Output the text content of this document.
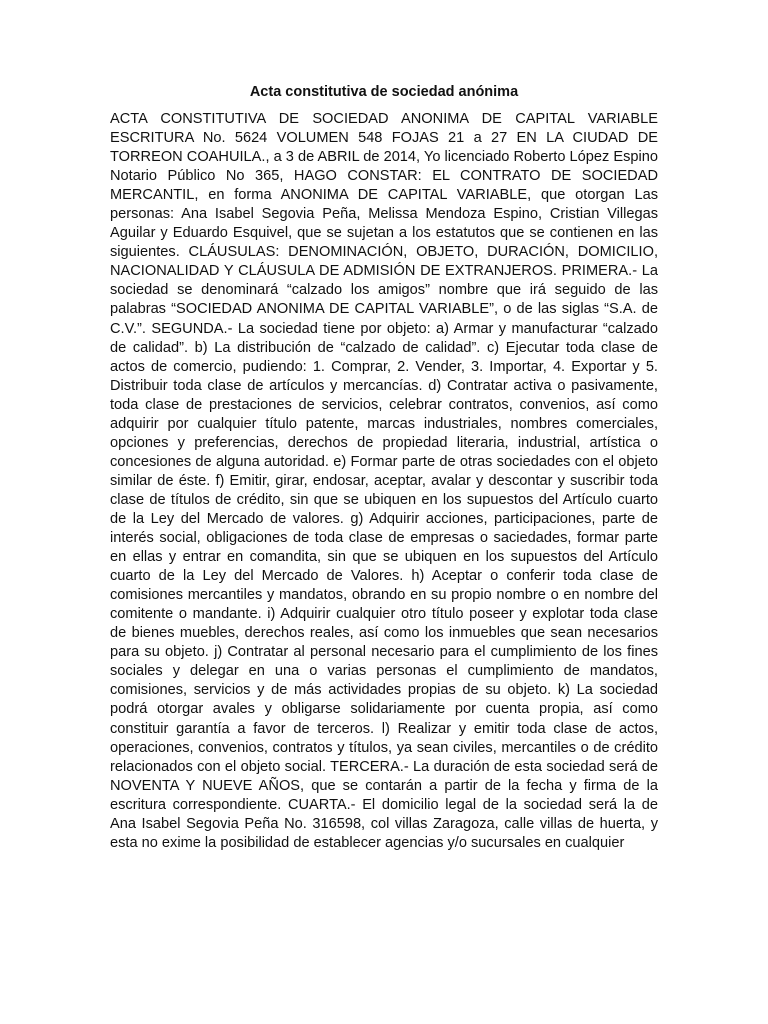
Acta constitutiva de sociedad anónima

ACTA CONSTITUTIVA DE SOCIEDAD ANONIMA DE CAPITAL VARIABLE ESCRITURA No. 5624 VOLUMEN 548 FOJAS 21 a 27 EN LA CIUDAD DE TORREON COAHUILA., a 3 de ABRIL de 2014, Yo licenciado Roberto López Espino Notario Público No 365, HAGO CONSTAR: EL CONTRATO DE SOCIEDAD MERCANTIL, en forma ANONIMA DE CAPITAL VARIABLE, que otorgan Las personas: Ana Isabel Segovia Peña, Melissa Mendoza Espino, Cristian Villegas Aguilar y Eduardo Esquivel, que se sujetan a los estatutos que se contienen en las siguientes. CLÁUSULAS: DENOMINACIÓN, OBJETO, DURACIÓN, DOMICILIO, NACIONALIDAD Y CLÁUSULA DE ADMISIÓN DE EXTRANJEROS. PRIMERA.- La sociedad se denominará “calzado los amigos” nombre que irá seguido de las palabras “SOCIEDAD ANONIMA DE CAPITAL VARIABLE”, o de las siglas “S.A. de C.V.”. SEGUNDA.- La sociedad tiene por objeto: a) Armar y manufacturar “calzado de calidad”. b) La distribución de “calzado de calidad”. c) Ejecutar toda clase de actos de comercio, pudiendo: 1. Comprar, 2. Vender, 3. Importar, 4. Exportar y 5. Distribuir toda clase de artículos y mercancías. d) Contratar activa o pasivamente, toda clase de prestaciones de servicios, celebrar contratos, convenios, así como adquirir por cualquier título patente, marcas industriales, nombres comerciales, opciones y preferencias, derechos de propiedad literaria, industrial, artística o concesiones de alguna autoridad. e) Formar parte de otras sociedades con el objeto similar de éste. f) Emitir, girar, endosar, aceptar, avalar y descontar y suscribir toda clase de títulos de crédito, sin que se ubiquen en los supuestos del Artículo cuarto de la Ley del Mercado de valores. g) Adquirir acciones, participaciones, parte de interés social, obligaciones de toda clase de empresas o saciedades, formar parte en ellas y entrar en comandita, sin que se ubiquen en los supuestos del Artículo cuarto de la Ley del Mercado de Valores. h) Aceptar o conferir toda clase de comisiones mercantiles y mandatos, obrando en su propio nombre o en nombre del comitente o mandante. i) Adquirir cualquier otro título poseer y explotar toda clase de bienes muebles, derechos reales, así como los inmuebles que sean necesarios para su objeto. j) Contratar al personal necesario para el cumplimiento de los fines sociales y delegar en una o varias personas el cumplimiento de mandatos, comisiones, servicios y de más actividades propias de su objeto. k) La sociedad podrá otorgar avales y obligarse solidariamente por cuenta propia, así como constituir garantía a favor de terceros. l) Realizar y emitir toda clase de actos, operaciones, convenios, contratos y títulos, ya sean civiles, mercantiles o de crédito relacionados con el objeto social. TERCERA.- La duración de esta sociedad será de NOVENTA Y NUEVE AÑOS, que se contarán a partir de la fecha y firma de la escritura correspondiente. CUARTA.- El domicilio legal de la sociedad será la de Ana Isabel Segovia Peña No. 316598, col villas Zaragoza, calle villas de huerta, y esta no exime la posibilidad de establecer agencias y/o sucursales en cualquier
